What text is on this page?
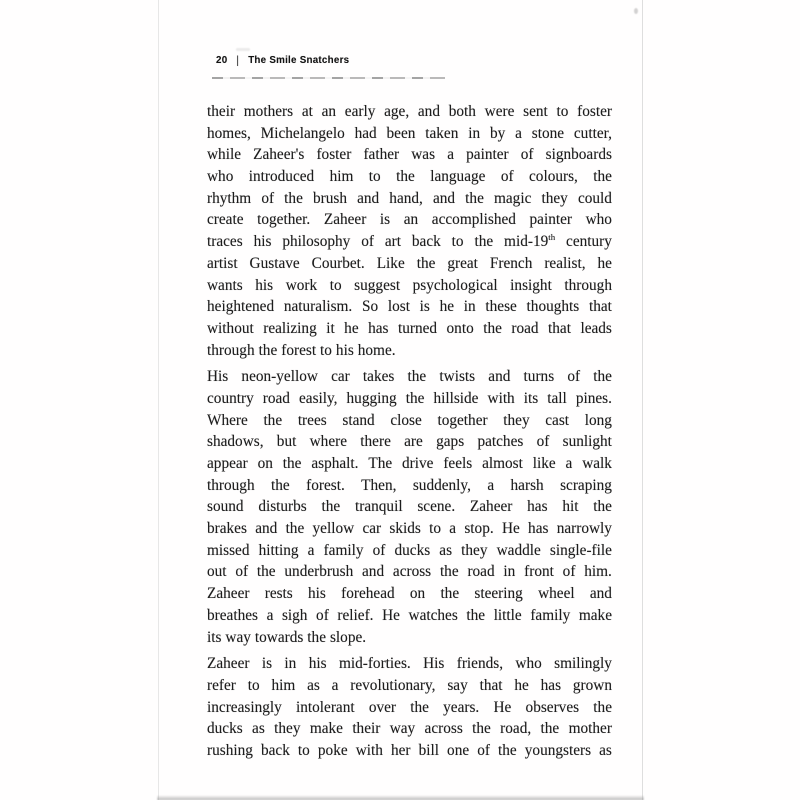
20 | The Smile Snatchers
their mothers at an early age, and both were sent to foster
homes, Michelangelo had been taken in by a stone cutter,
while Zaheer's foster father was a painter of signboards
who introduced him to the language of colours, the
rhythm of the brush and hand, and the magic they could
create together. Zaheer is an accomplished painter who
traces his philosophy of art back to the mid-19th century
artist Gustave Courbet. Like the great French realist, he
wants his work to suggest psychological insight through
heightened naturalism. So lost is he in these thoughts that
without realizing it he has turned onto the road that leads
through the forest to his home.
His neon-yellow car takes the twists and turns of the
country road easily, hugging the hillside with its tall pines.
Where the trees stand close together they cast long
shadows, but where there are gaps patches of sunlight
appear on the asphalt. The drive feels almost like a walk
through the forest. Then, suddenly, a harsh scraping
sound disturbs the tranquil scene. Zaheer has hit the
brakes and the yellow car skids to a stop. He has narrowly
missed hitting a family of ducks as they waddle single-file
out of the underbrush and across the road in front of him.
Zaheer rests his forehead on the steering wheel and
breathes a sigh of relief. He watches the little family make
its way towards the slope.
Zaheer is in his mid-forties. His friends, who smilingly
refer to him as a revolutionary, say that he has grown
increasingly intolerant over the years. He observes the
ducks as they make their way across the road, the mother
rushing back to poke with her bill one of the youngsters as
